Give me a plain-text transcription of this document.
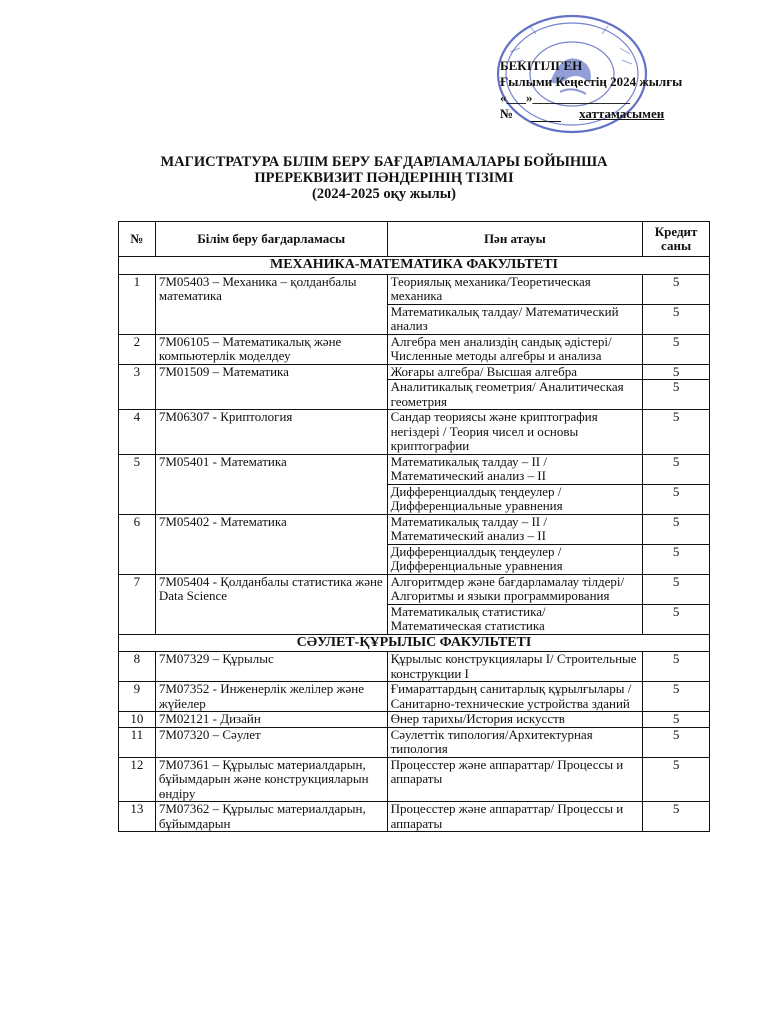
БЕКІТІЛГЕН
Ғылыми Кеңестің 2024 жылғы
«___»_______________
№	хаттамасымен
МАГИСТРАТУРА БІЛІМ БЕРУ БАҒДАРЛАМАЛАРЫ БОЙЫНША
ПРЕРЕКВИЗИТ ПӘНДЕРІНІҢ ТІЗІМІ
(2024-2025 оқу жылы)
№	Білім беру бағдарламасы	Пән атауы	Кредит саны
МЕХАНИКА-МАТЕМАТИКА ФАКУЛЬТЕТІ			
1	7M05403 – Механика – қолданбалы математика	Теориялық механика/Теоретическая механика	5
		Математикалық талдау/ Математический анализ	5
2	7M06105 – Математикалық және компьютерлік моделдеу	Алгебра мен анализдің сандық әдістері/ Численные методы алгебры и анализа	5
3	7M01509 – Математика	Жоғары алгебра/ Высшая алгебра	5
		Аналитикалық геометрия/ Аналитическая геометрия	5
4	7M06307 - Криптология	Сандар теориясы және криптография негіздері / Теория чисел и основы криптографии	5
5	7M05401 - Математика	Математикалық талдау – II / Математический анализ – II	5
		Дифференциалдық теңдеулер / Дифференциальные уравнения	5
6	7M05402 - Математика	Математикалық талдау – II / Математический анализ – II	5
		Дифференциалдық теңдеулер / Дифференциальные уравнения	5
7	7M05404 - Қолданбалы статистика және Data Science	Алгоритмдер және бағдарламалау тілдері/ Алгоритмы и языки программирования	5
		Математикалық статистика/ Математическая статистика	5
СӘУЛЕТ-ҚҰРЫЛЫС ФАКУЛЬТЕТІ			
8	7M07329 – Құрылыс	Құрылыс конструкциялары I/ Строительные конструкции I	5
9	7M07352 - Инженерлік желілер және жүйелер	Ғимараттардың санитарлық құрылғылары / Санитарно-технические устройства зданий	5
10	7M02121 - Дизайн	Өнер тарихы/История искусств	5
11	7M07320 – Сәулет	Сәулеттік типология/Архитектурная типология	5
12	7M07361 – Құрылыс материалдарын, бұйымдарын және конструкцияларын өндіру	Процесстер және аппараттар/ Процессы и аппараты	5
13	7M07362 – Құрылыс материалдарын, бұйымдарын	Процесстер және аппараттар/ Процессы и аппараты	5
